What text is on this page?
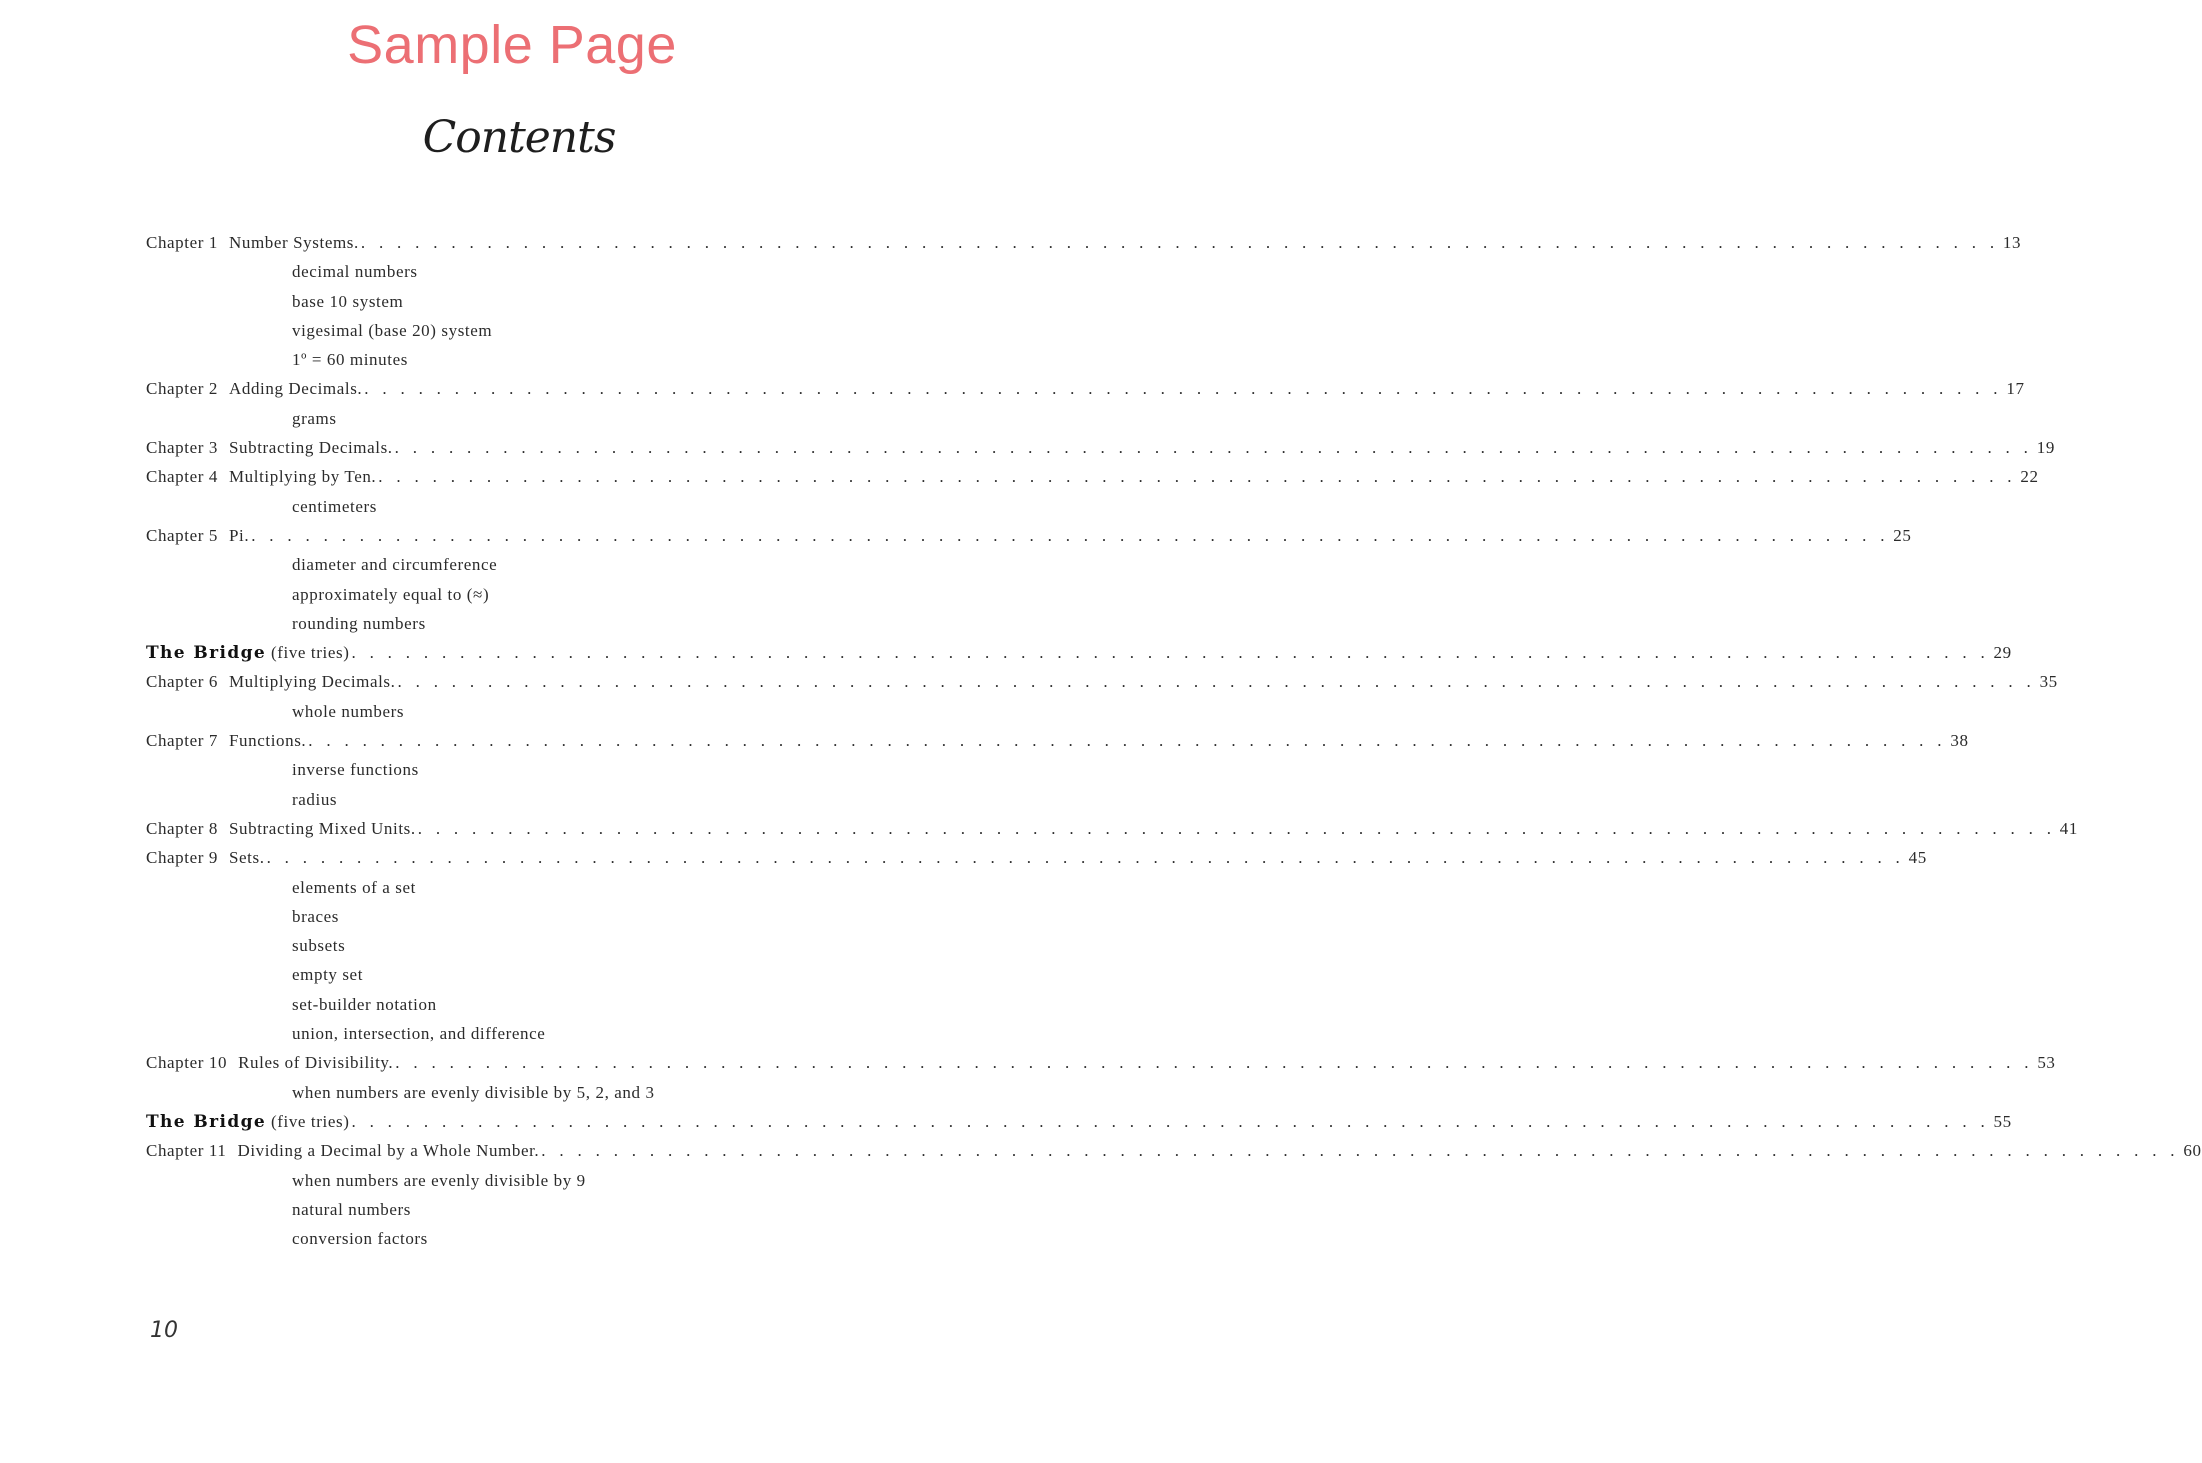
Sample Page
Contents
Chapter 1 Number Systems. . . . . . . . . . . . . . . . . . . . . . . . . . . . . . . . . . . . . . . . . . . . . . . . . . . . . . . . . . . . . . . . . . . . . . . . . . . . . . . . . . . . . . . . . . . . 13
decimal numbers
base 10 system
vigesimal (base 20) system
1º = 60 minutes
Chapter 2 Adding Decimals. . . . . . . . . . . . . . . . . . . . . . . . . . . . . . . . . . . . . . . . . . . . . . . . . . . . . . . . . . . . . . . . . . . . . . . . . . . . . . . . . . . . . . . . . . . . 17
grams
Chapter 3 Subtracting Decimals. . . . . . . . . . . . . . . . . . . . . . . . . . . . . . . . . . . . . . . . . . . . . . . . . . . . . . . . . . . . . . . . . . . . . . . . . . . . . . . . . . . . . . . . . . . . 19
Chapter 4 Multiplying by Ten. . . . . . . . . . . . . . . . . . . . . . . . . . . . . . . . . . . . . . . . . . . . . . . . . . . . . . . . . . . . . . . . . . . . . . . . . . . . . . . . . . . . . . . . . . . . 22
centimeters
Chapter 5 Pi. . . . . . . . . . . . . . . . . . . . . . . . . . . . . . . . . . . . . . . . . . . . . . . . . . . . . . . . . . . . . . . . . . . . . . . . . . . . . . . . . . . . . . . . . . . . 25
diameter and circumference
approximately equal to (≈)
rounding numbers
The Bridge (five tries) . . . . . . . . . . . . . . . . . . . . . . . . . . . . . . . . . . . . . . . . . . . . . . . . . . . . . . . . . . . . . . . . . . . . . . . . . . . . . . . . . . . . . . . . . . . 29
Chapter 6 Multiplying Decimals. . . . . . . . . . . . . . . . . . . . . . . . . . . . . . . . . . . . . . . . . . . . . . . . . . . . . . . . . . . . . . . . . . . . . . . . . . . . . . . . . . . . . . . . . . . . 35
whole numbers
Chapter 7 Functions. . . . . . . . . . . . . . . . . . . . . . . . . . . . . . . . . . . . . . . . . . . . . . . . . . . . . . . . . . . . . . . . . . . . . . . . . . . . . . . . . . . . . . . . . . . . 38
inverse functions
radius
Chapter 8 Subtracting Mixed Units. . . . . . . . . . . . . . . . . . . . . . . . . . . . . . . . . . . . . . . . . . . . . . . . . . . . . . . . . . . . . . . . . . . . . . . . . . . . . . . . . . . . . . . . . . . . 41
Chapter 9 Sets. . . . . . . . . . . . . . . . . . . . . . . . . . . . . . . . . . . . . . . . . . . . . . . . . . . . . . . . . . . . . . . . . . . . . . . . . . . . . . . . . . . . . . . . . . . . 45
elements of a set
braces
subsets
empty set
set-builder notation
union, intersection, and difference
Chapter 10 Rules of Divisibility. . . . . . . . . . . . . . . . . . . . . . . . . . . . . . . . . . . . . . . . . . . . . . . . . . . . . . . . . . . . . . . . . . . . . . . . . . . . . . . . . . . . . . . . . . . . 53
when numbers are evenly divisible by 5, 2, and 3
The Bridge (five tries) . . . . . . . . . . . . . . . . . . . . . . . . . . . . . . . . . . . . . . . . . . . . . . . . . . . . . . . . . . . . . . . . . . . . . . . . . . . . . . . . . . . . . . . . . . . 55
Chapter 11 Dividing a Decimal by a Whole Number. . . . . . . . . . . . . . . . . . . . . . . . . . . . . . . . . . . . . . . . . . . . . . . . . . . . . . . . . . . . . . . . . . . . . . . . . . . . . . . . . . . . . . . . . . . . 60
when numbers are evenly divisible by 9
natural numbers
conversion factors
10
